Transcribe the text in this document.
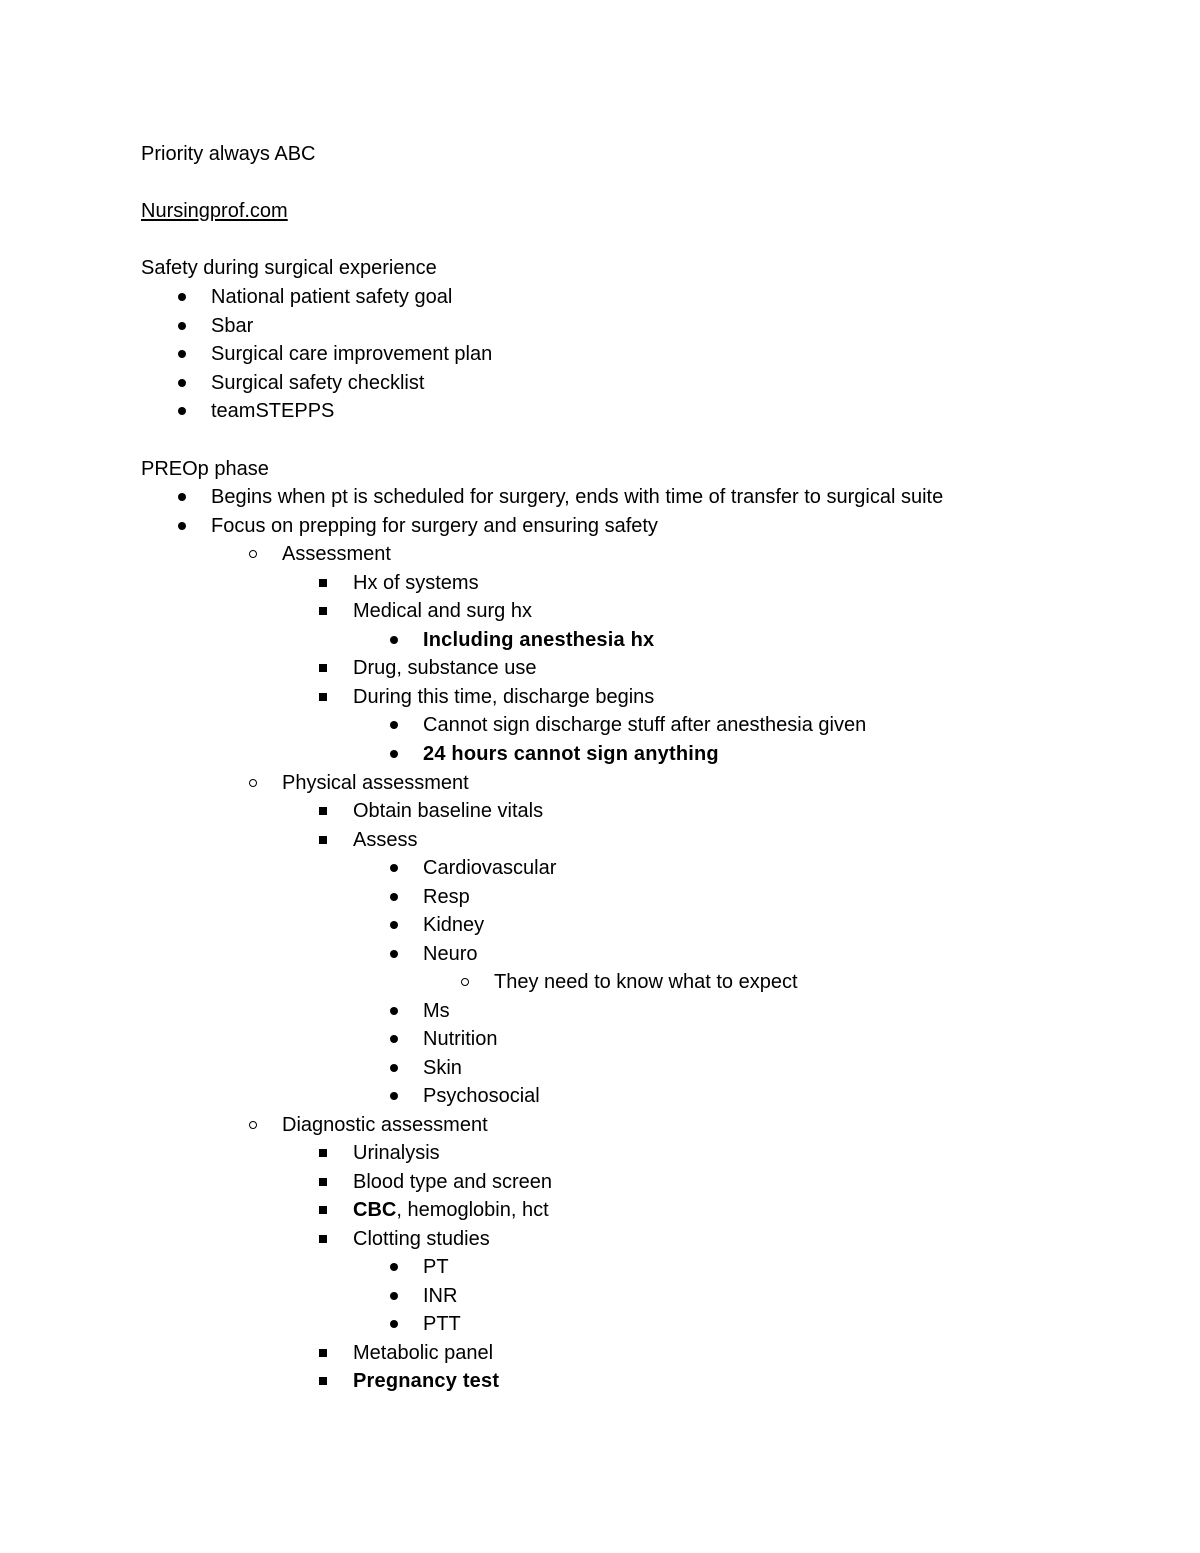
Priority always ABC
Nursingprof.com
Safety during surgical experience
National patient safety goal
Sbar
Surgical care improvement plan
Surgical safety checklist
teamSTEPPS
PREOp phase
Begins when pt is scheduled for surgery, ends with time of transfer to surgical suite
Focus on prepping for surgery and ensuring safety
Assessment
Hx of systems
Medical and surg hx
Including anesthesia hx
Drug, substance use
During this time, discharge begins
Cannot sign discharge stuff after anesthesia given
24 hours cannot sign anything
Physical assessment
Obtain baseline vitals
Assess
Cardiovascular
Resp
Kidney
Neuro
They need to know what to expect
Ms
Nutrition
Skin
Psychosocial
Diagnostic assessment
Urinalysis
Blood type and screen
CBC, hemoglobin, hct
Clotting studies
PT
INR
PTT
Metabolic panel
Pregnancy test
